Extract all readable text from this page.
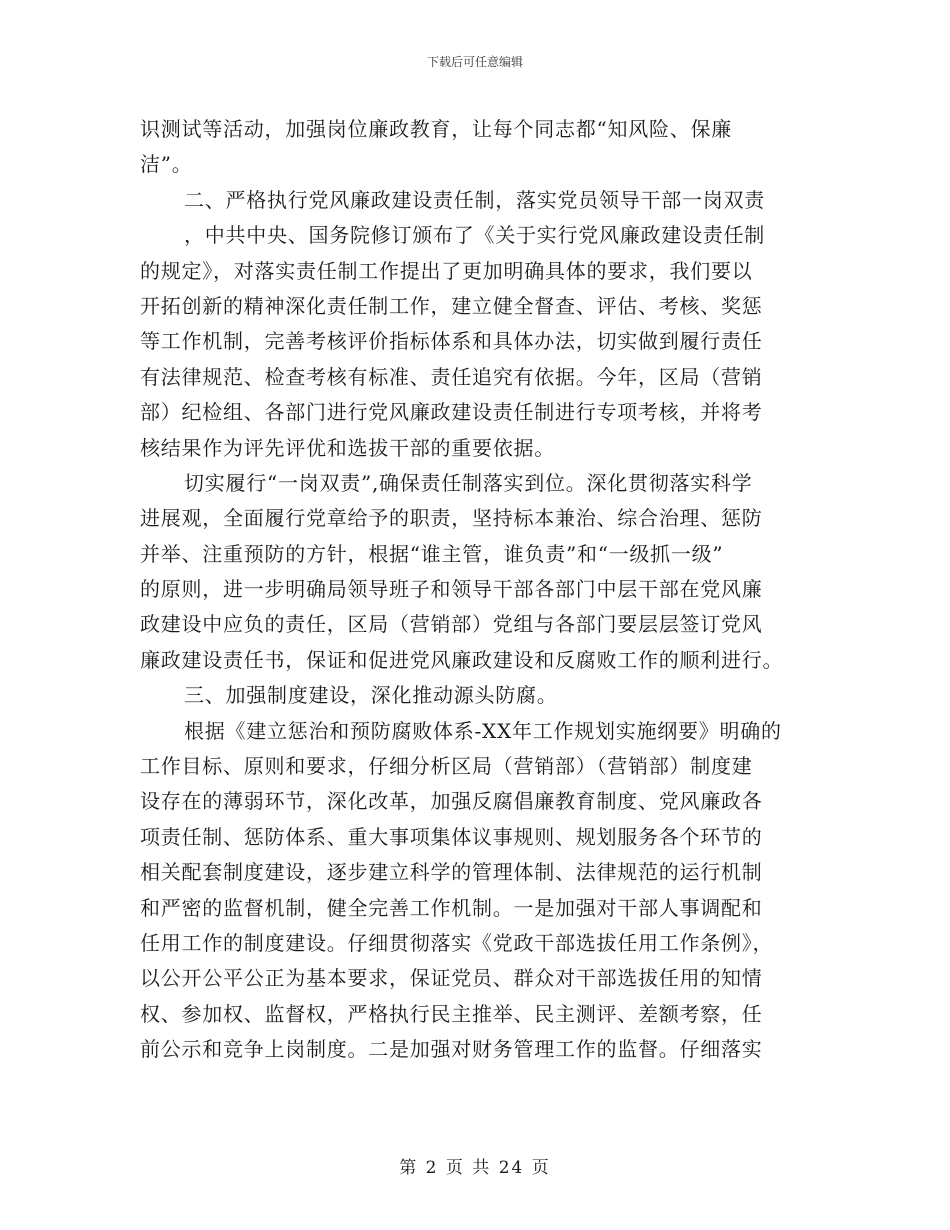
下载后可任意编辑
识测试等活动，加强岗位廉政教育，让每个同志都“知风险、保廉
洁”。
二、严格执行党风廉政建设责任制，落实党员领导干部一岗双责
，中共中央、国务院修订颁布了《关于实行党风廉政建设责任制
的规定》，对落实责任制工作提出了更加明确具体的要求，我们要以
开拓创新的精神深化责任制工作，建立健全督查、评估、考核、奖惩
等工作机制，完善考核评价指标体系和具体办法，切实做到履行责任
有法律规范、检查考核有标准、责任追究有依据。今年，区局（营销
部）纪检组、各部门进行党风廉政建设责任制进行专项考核，并将考
核结果作为评先评优和选拔干部的重要依据。
切实履行“一岗双责”,确保责任制落实到位。深化贯彻落实科学
进展观，全面履行党章给予的职责，坚持标本兼治、综合治理、惩防
并举、注重预防的方针，根据“谁主管，谁负责”和“一级抓一级”
的原则，进一步明确局领导班子和领导干部各部门中层干部在党风廉
政建设中应负的责任，区局（营销部）党组与各部门要层层签订党风
廉政建设责任书，保证和促进党风廉政建设和反腐败工作的顺利进行。
三、加强制度建设，深化推动源头防腐。
根据《建立惩治和预防腐败体系-XX年工作规划实施纲要》明确的
工作目标、原则和要求，仔细分析区局（营销部）（营销部）制度建
设存在的薄弱环节，深化改革，加强反腐倡廉教育制度、党风廉政各
项责任制、惩防体系、重大事项集体议事规则、规划服务各个环节的
相关配套制度建设，逐步建立科学的管理体制、法律规范的运行机制
和严密的监督机制，健全完善工作机制。一是加强对干部人事调配和
任用工作的制度建设。仔细贯彻落实《党政干部选拔任用工作条例》，
以公开公平公正为基本要求，保证党员、群众对干部选拔任用的知情
权、参加权、监督权，严格执行民主推举、民主测评、差额考察，任
前公示和竞争上岗制度。二是加强对财务管理工作的监督。仔细落实
第 2 页 共 24 页
